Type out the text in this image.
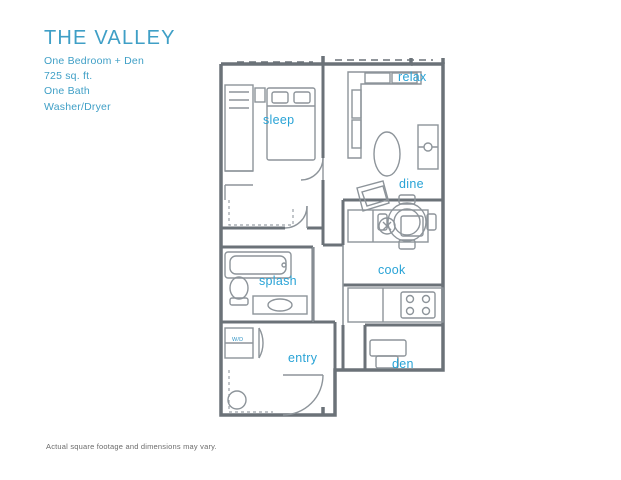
THE VALLEY
One Bedroom + Den
725 sq. ft.
One Bath
Washer/Dryer
Actual square footage and dimensions may vary.
relax
sleep
dine
cook
splash
entry	den
W/D
